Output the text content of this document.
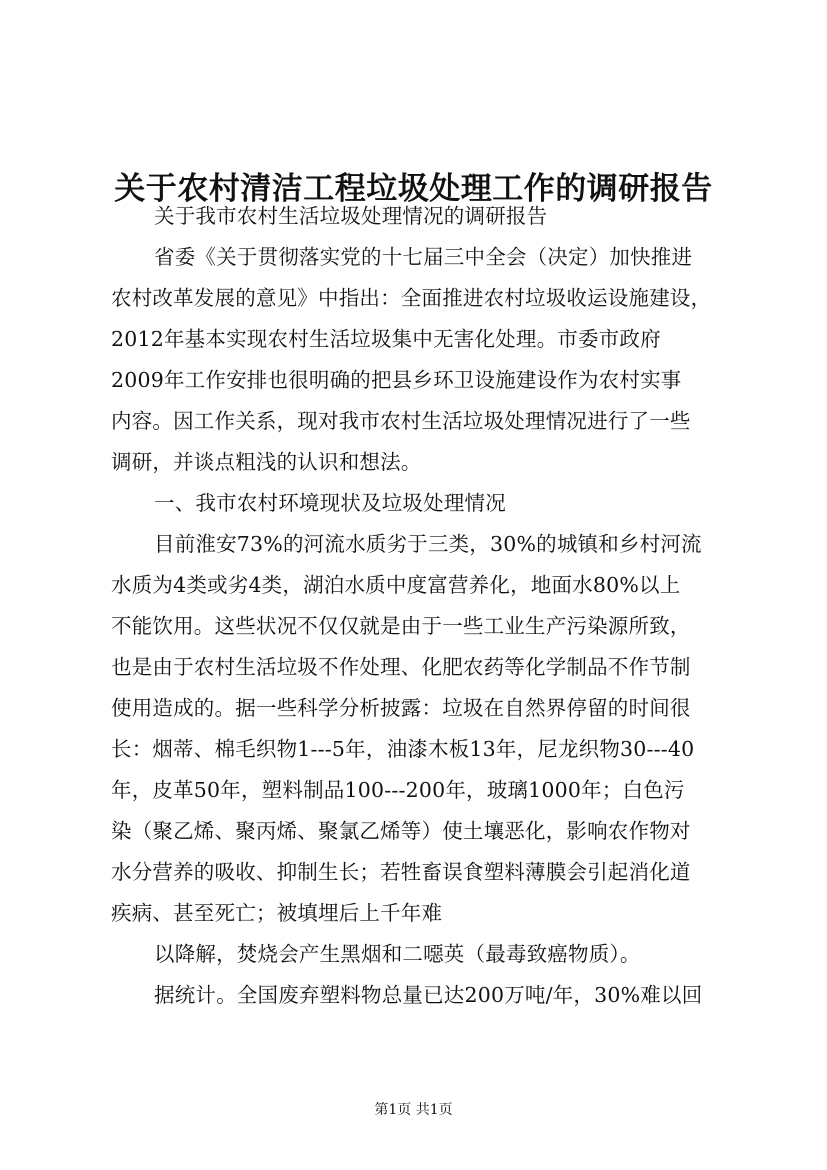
关于农村清洁工程垃圾处理工作的调研报告

关于我市农村生活垃圾处理情况的调研报告

省委《关于贯彻落实党的十七届三中全会（决定）加快推进
农村改革发展的意见》中指出：全面推进农村垃圾收运设施建设，
2012年基本实现农村生活垃圾集中无害化处理。市委市政府
2009年工作安排也很明确的把县乡环卫设施建设作为农村实事
内容。因工作关系，现对我市农村生活垃圾处理情况进行了一些
调研，并谈点粗浅的认识和想法。

一、我市农村环境现状及垃圾处理情况

目前淮安73%的河流水质劣于三类，30%的城镇和乡村河流
水质为4类或劣4类，湖泊水质中度富营养化，地面水80%以上
不能饮用。这些状况不仅仅就是由于一些工业生产污染源所致，
也是由于农村生活垃圾不作处理、化肥农药等化学制品不作节制
使用造成的。据一些科学分析披露：垃圾在自然界停留的时间很
长：烟蒂、棉毛织物1---5年，油漆木板13年，尼龙织物30---40
年，皮革50年，塑料制品100---200年，玻璃1000年；白色污
染（聚乙烯、聚丙烯、聚氯乙烯等）使土壤恶化，影响农作物对
水分营养的吸收、抑制生长；若牲畜误食塑料薄膜会引起消化道
疾病、甚至死亡；被填埋后上千年难

以降解，焚烧会产生黑烟和二噁英（最毒致癌物质）。

据统计。全国废弃塑料物总量已达200万吨/年，30%难以回

第1页 共1页
